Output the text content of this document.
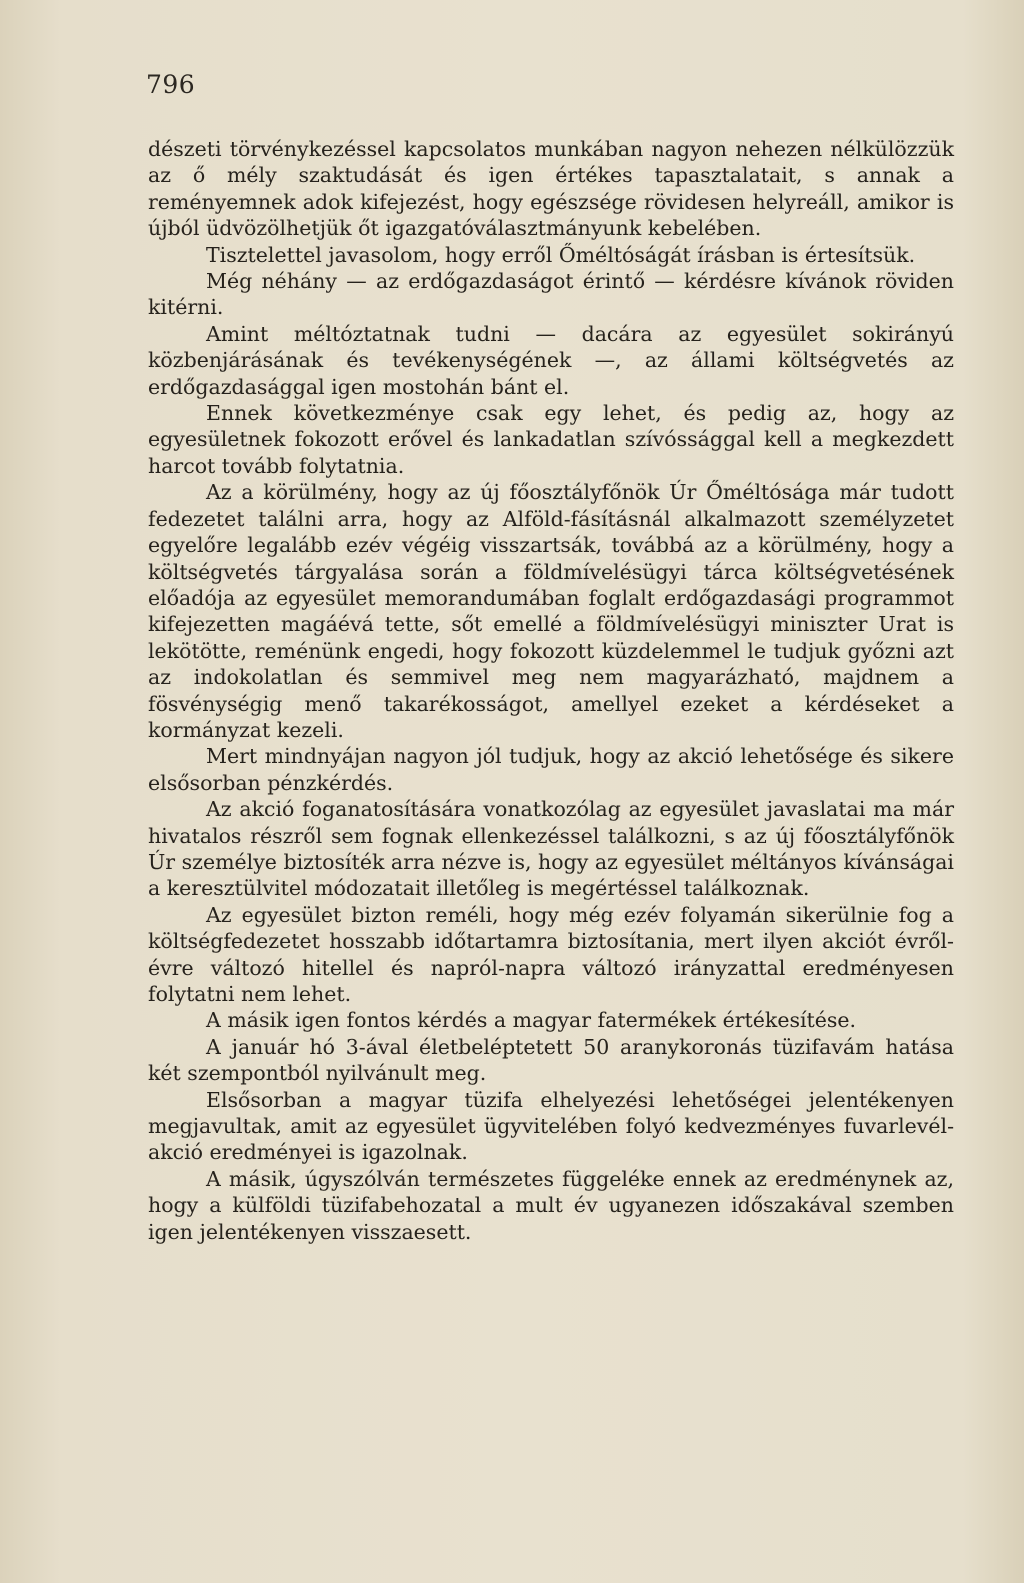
796

dészeti törvénykezéssel kapcsolatos munkában nagyon nehezen nélkülözzük az ő mély szaktudását és igen értékes tapasztalatait, s annak a reményemnek adok kifejezést, hogy egészsége rövidesen helyreáll, amikor is újból üdvözölhetjük őt igazgatóválasztmányunk kebelében.

Tisztelettel javasolom, hogy erről Őméltóságát írásban is értesítsük.

Még néhány — az erdőgazdaságot érintő — kérdésre kívánok röviden kitérni.

Amint méltóztatnak tudni — dacára az egyesület sokirányú közbenjárásának és tevékenységének —, az állami költségvetés az erdőgazdasággal igen mostohán bánt el.

Ennek következménye csak egy lehet, és pedig az, hogy az egyesületnek fokozott erővel és lankadatlan szívóssággal kell a megkezdett harcot tovább folytatnia.

Az a körülmény, hogy az új főosztályfőnök Úr Őméltósága már tudott fedezetet találni arra, hogy az Alföld-fásításnál alkalmazott személyzetet egyelőre legalább ezév végéig visszartsák, továbbá az a körülmény, hogy a költségvetés tárgyalása során a földmívelésügyi tárca költségvetésének előadója az egyesület memorandumában foglalt erdőgazdasági programmot kifejezetten magáévá tette, sőt emellé a földmívelésügyi miniszter Urat is lekötötte, reménünk engedi, hogy fokozott küzdelemmel le tudjuk győzni azt az indokolatlan és semmivel meg nem magyarázható, majdnem a fösvénységig menő takarékosságot, amellyel ezeket a kérdéseket a kormányzat kezeli.

Mert mindnyájan nagyon jól tudjuk, hogy az akció lehetősége és sikere elsősorban pénzkérdés.

Az akció foganatosítására vonatkozólag az egyesület javaslatai ma már hivatalos részről sem fognak ellenkezéssel találkozni, s az új főosztályfőnök Úr személye biztosíték arra nézve is, hogy az egyesület méltányos kívánságai a keresztülvitel módozatait illetőleg is megértéssel találkoznak.

Az egyesület bizton reméli, hogy még ezév folyamán sikerülnie fog a költségfedezetet hosszabb időtartamra biztosítania, mert ilyen akciót évről-évre változó hitellel és napról-napra változó irányzattal eredményesen folytatni nem lehet.

A másik igen fontos kérdés a magyar fatermékek értékesítése.

A január hó 3-ával életbeléptetett 50 aranykoronás tüzifavám hatása két szempontból nyilvánult meg.

Elsősorban a magyar tüzifa elhelyezési lehetőségei jelentékenyen megjavultak, amit az egyesület ügyvitelében folyó kedvezményes fuvarlevél-akció eredményei is igazolnak.

A másik, úgyszólván természetes függeléke ennek az eredménynek az, hogy a külföldi tüzifabehozatal a mult év ugyanezen időszakával szemben igen jelentékenyen visszaesett.
